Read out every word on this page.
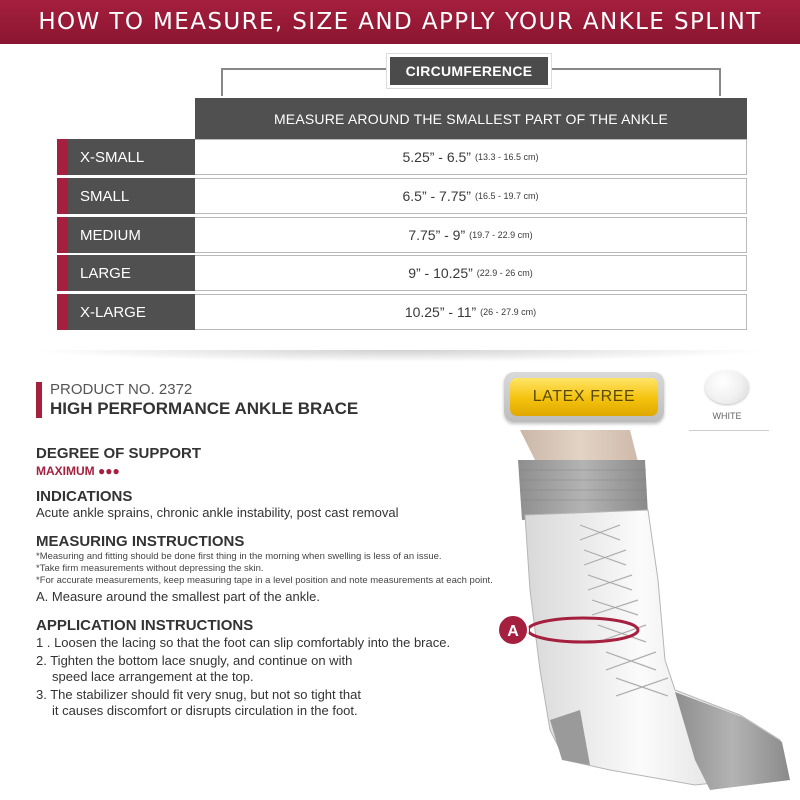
HOW TO MEASURE, SIZE AND APPLY YOUR ANKLE SPLINT
CIRCUMFERENCE
MEASURE AROUND THE SMALLEST PART OF THE ANKLE
X-SMALL	5.25” - 6.5” (13.3 - 16.5 cm)
SMALL	6.5” - 7.75” (16.5 - 19.7 cm)
MEDIUM	7.75” - 9” (19.7 - 22.9 cm)
LARGE	9” - 10.25” (22.9 - 26 cm)
X-LARGE	10.25” - 11” (26 - 27.9 cm)
PRODUCT NO. 2372
HIGH PERFORMANCE ANKLE BRACE
LATEX FREE
WHITE
DEGREE OF SUPPORT
MAXIMUM ●●●
INDICATIONS
Acute ankle sprains, chronic ankle instability, post cast removal
MEASURING INSTRUCTIONS
*Measuring and fitting should be done first thing in the morning when swelling is less of an issue.
*Take firm measurements without depressing the skin.
*For accurate measurements, keep measuring tape in a level position and note measurements at each point.
A. Measure around the smallest part of the ankle.
APPLICATION INSTRUCTIONS
1 . Loosen the lacing so that the foot can slip comfortably into the brace.
2. Tighten the bottom lace snugly, and continue on with
speed lace arrangement at the top.
3. The stabilizer should fit very snug, but not so tight that
it causes discomfort or disrupts circulation in the foot.
A
